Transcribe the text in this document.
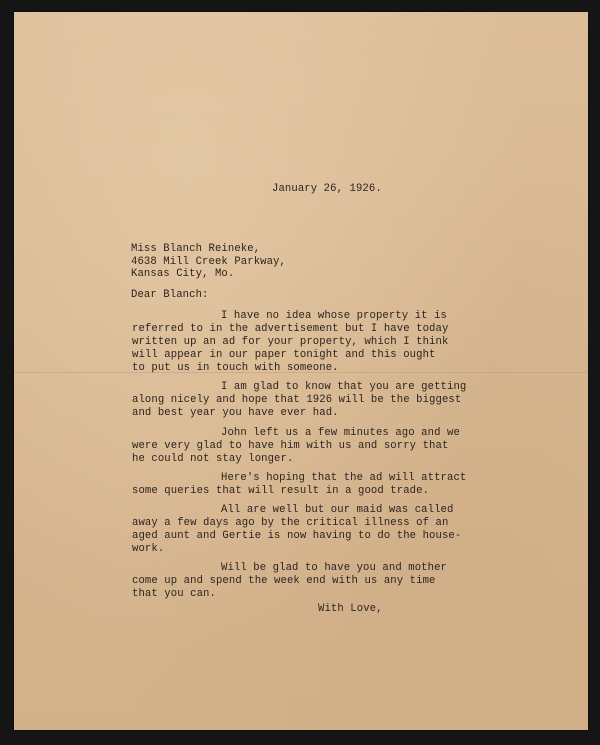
January 26, 1926.
Miss Blanch Reineke,
4638 Mill Creek Parkway,
Kansas City, Mo.
Dear Blanch:
I have no idea whose property it is
referred to in the advertisement but I have today
written up an ad for your property, which I think
will appear in our paper tonight and this ought
to put us in touch with someone.
I am glad to know that you are getting
along nicely and hope that 1926 will be the biggest
and best year you have ever had.
John left us a few minutes ago and we
were very glad to have him with us and sorry that
he could not stay longer.
Here's hoping that the ad will attract
some queries that will result in a good trade.
All are well but our maid was called
away a few days ago by the critical illness of an
aged aunt and Gertie is now having to do the house-
work.
Will be glad to have you and mother
come up and spend the week end with us any time
that you can.
With Love,
